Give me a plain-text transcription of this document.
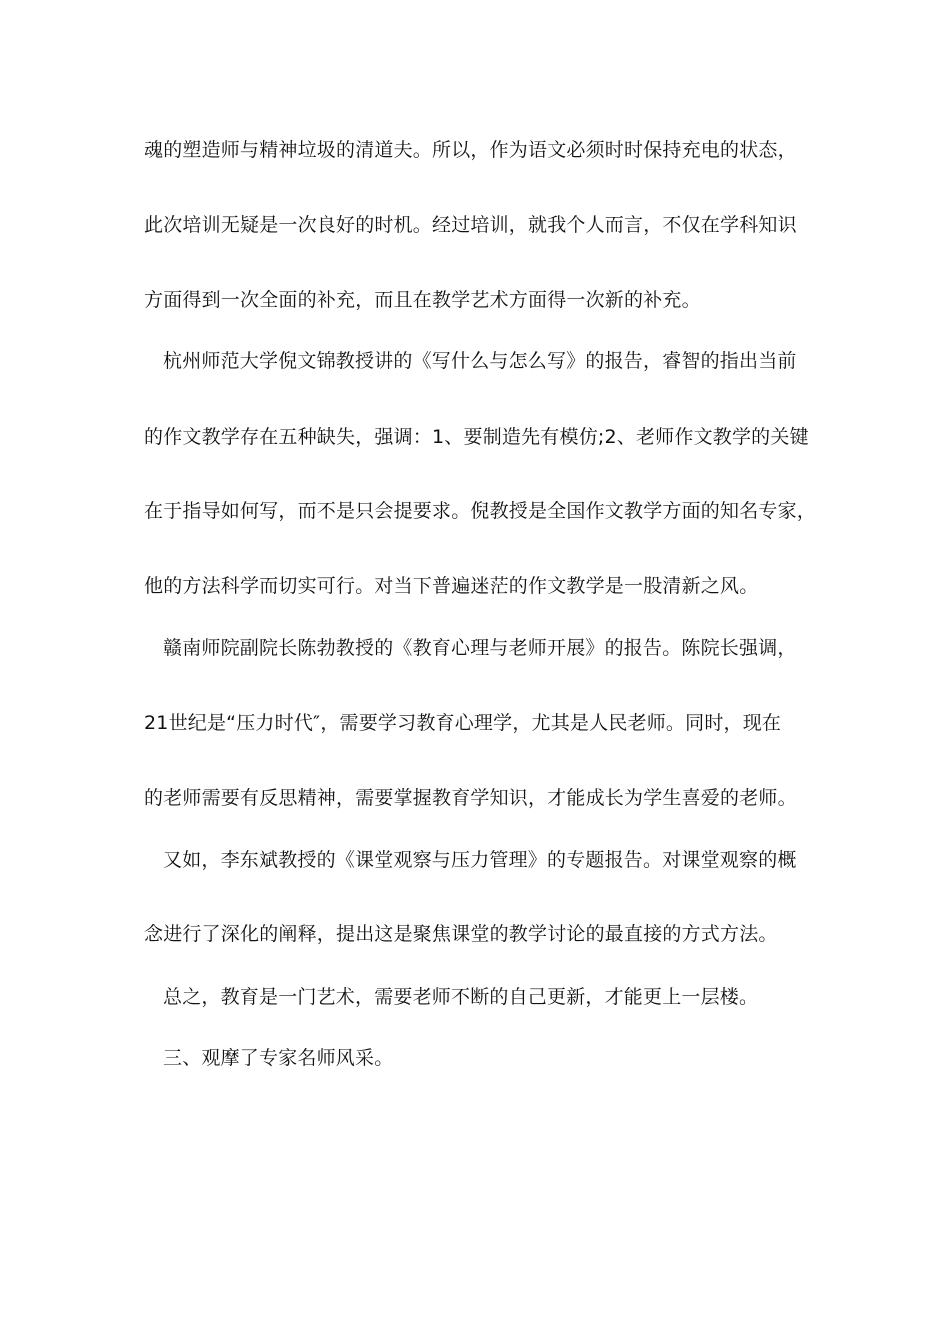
魂的塑造师与精神垃圾的清道夫。所以，作为语文必须时时保持充电的状态，
此次培训无疑是一次良好的时机。经过培训，就我个人而言，不仅在学科知识
方面得到一次全面的补充，而且在教学艺术方面得一次新的补充。
杭州师范大学倪文锦教授讲的《写什么与怎么写》的报告，睿智的指出当前
的作文教学存在五种缺失，强调：1、要制造先有模仿;2、老师作文教学的关键
在于指导如何写，而不是只会提要求。倪教授是全国作文教学方面的知名专家，
他的方法科学而切实可行。对当下普遍迷茫的作文教学是一股清新之风。
赣南师院副院长陈勃教授的《教育心理与老师开展》的报告。陈院长强调，
21世纪是“压力时代″，需要学习教育心理学，尤其是人民老师。同时，现在
的老师需要有反思精神，需要掌握教育学知识，才能成长为学生喜爱的老师。
又如，李东斌教授的《课堂观察与压力管理》的专题报告。对课堂观察的概
念进行了深化的阐释，提出这是聚焦课堂的教学讨论的最直接的方式方法。
总之，教育是一门艺术，需要老师不断的自己更新，才能更上一层楼。
三、观摩了专家名师风采。
